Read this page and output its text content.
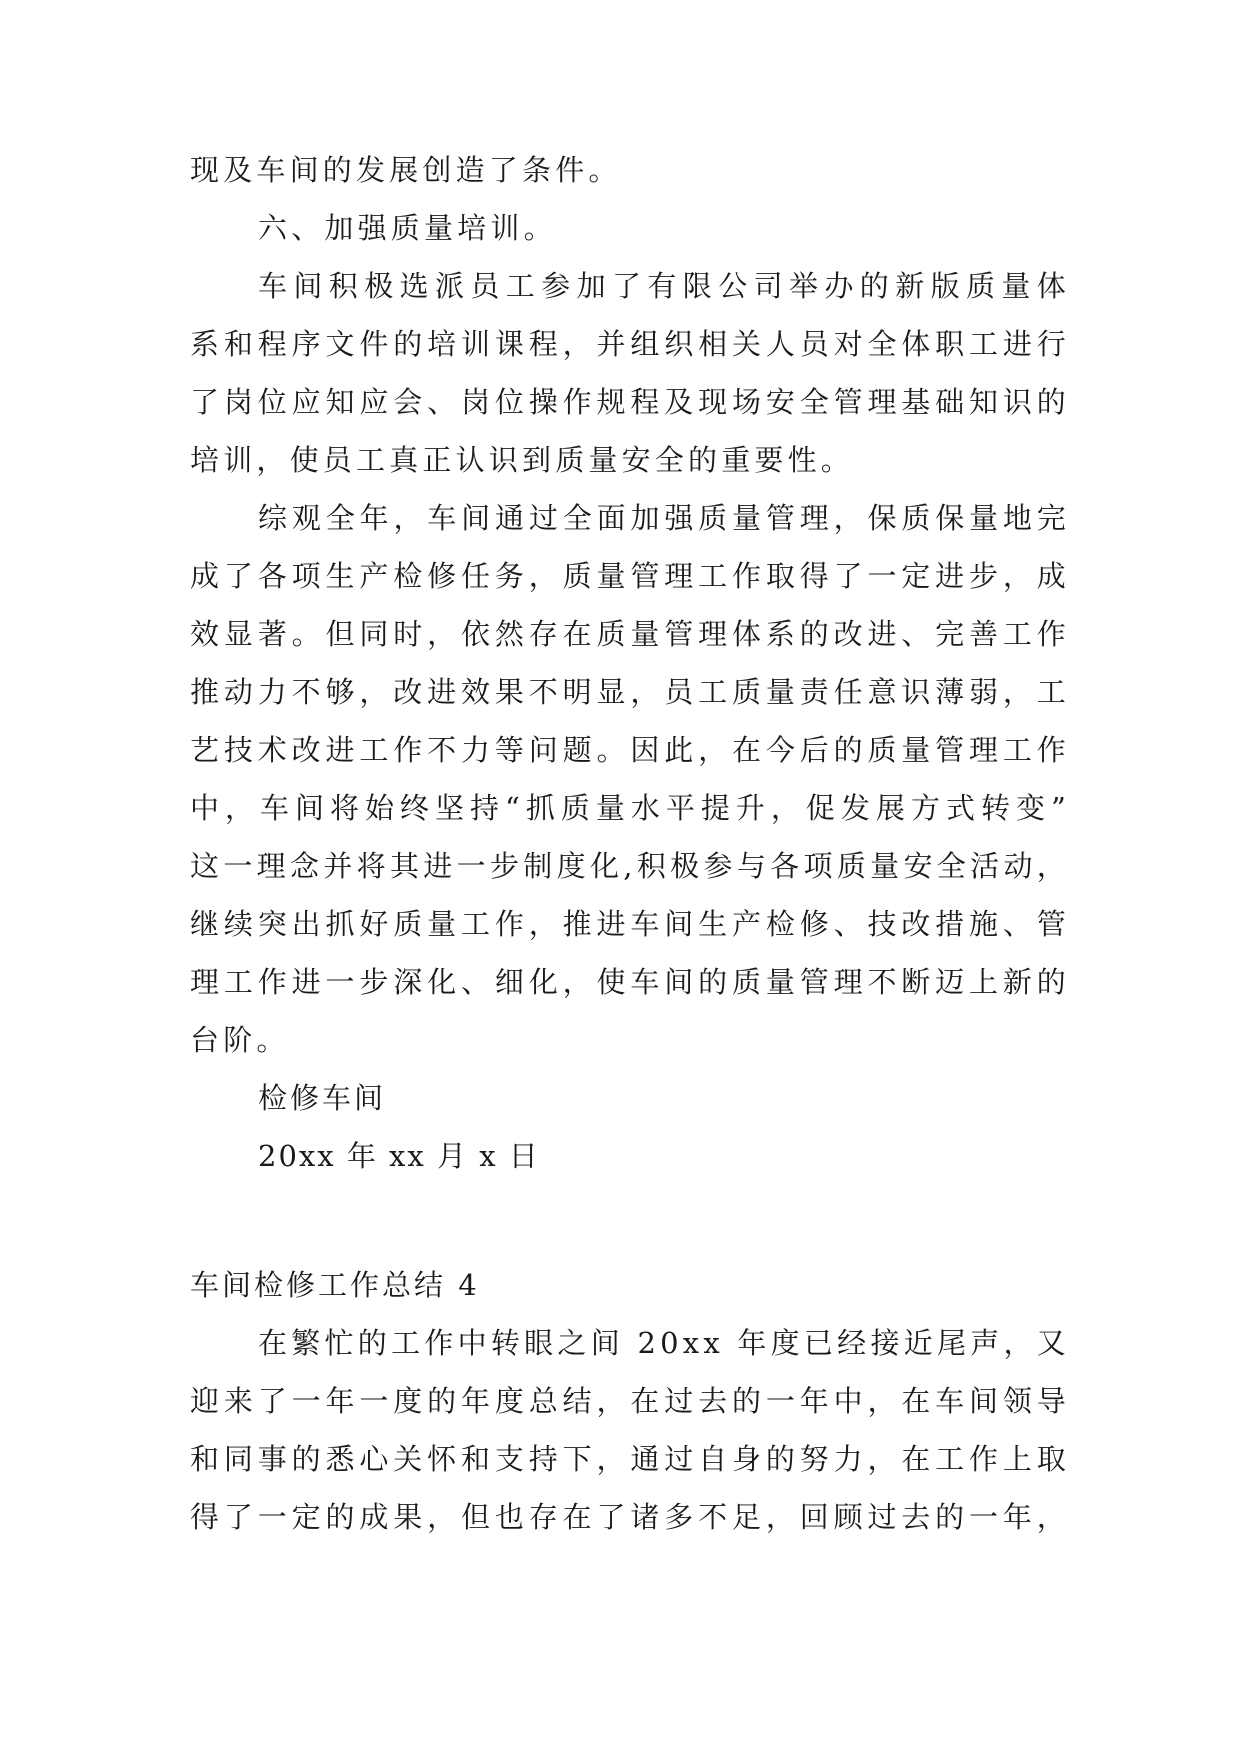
现及车间的发展创造了条件。
六、加强质量培训。
车间积极选派员工参加了有限公司举办的新版质量体
系和程序文件的培训课程，并组织相关人员对全体职工进行
了岗位应知应会、岗位操作规程及现场安全管理基础知识的
培训，使员工真正认识到质量安全的重要性。
综观全年，车间通过全面加强质量管理，保质保量地完
成了各项生产检修任务，质量管理工作取得了一定进步，成
效显著。但同时，依然存在质量管理体系的改进、完善工作
推动力不够，改进效果不明显，员工质量责任意识薄弱，工
艺技术改进工作不力等问题。因此，在今后的质量管理工作
中，车间将始终坚持“抓质量水平提升，促发展方式转变”
这一理念并将其进一步制度化,积极参与各项质量安全活动，
继续突出抓好质量工作，推进车间生产检修、技改措施、管
理工作进一步深化、细化，使车间的质量管理不断迈上新的
台阶。
检修车间
20xx 年 xx 月 x 日
车间检修工作总结 4
在繁忙的工作中转眼之间 20xx 年度已经接近尾声，又
迎来了一年一度的年度总结，在过去的一年中，在车间领导
和同事的悉心关怀和支持下，通过自身的努力，在工作上取
得了一定的成果，但也存在了诸多不足，回顾过去的一年，
